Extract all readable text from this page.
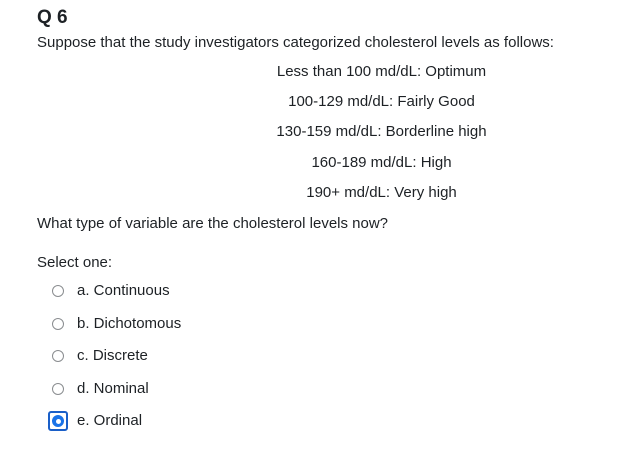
Q 6
Suppose that the study investigators categorized cholesterol levels as follows:
Less than 100 md/dL: Optimum
100-129 md/dL: Fairly Good
130-159 md/dL: Borderline high
160-189 md/dL: High
190+ md/dL: Very high
What type of variable are the cholesterol levels now?
Select one:
a. Continuous
b. Dichotomous
c. Discrete
d. Nominal
e. Ordinal
